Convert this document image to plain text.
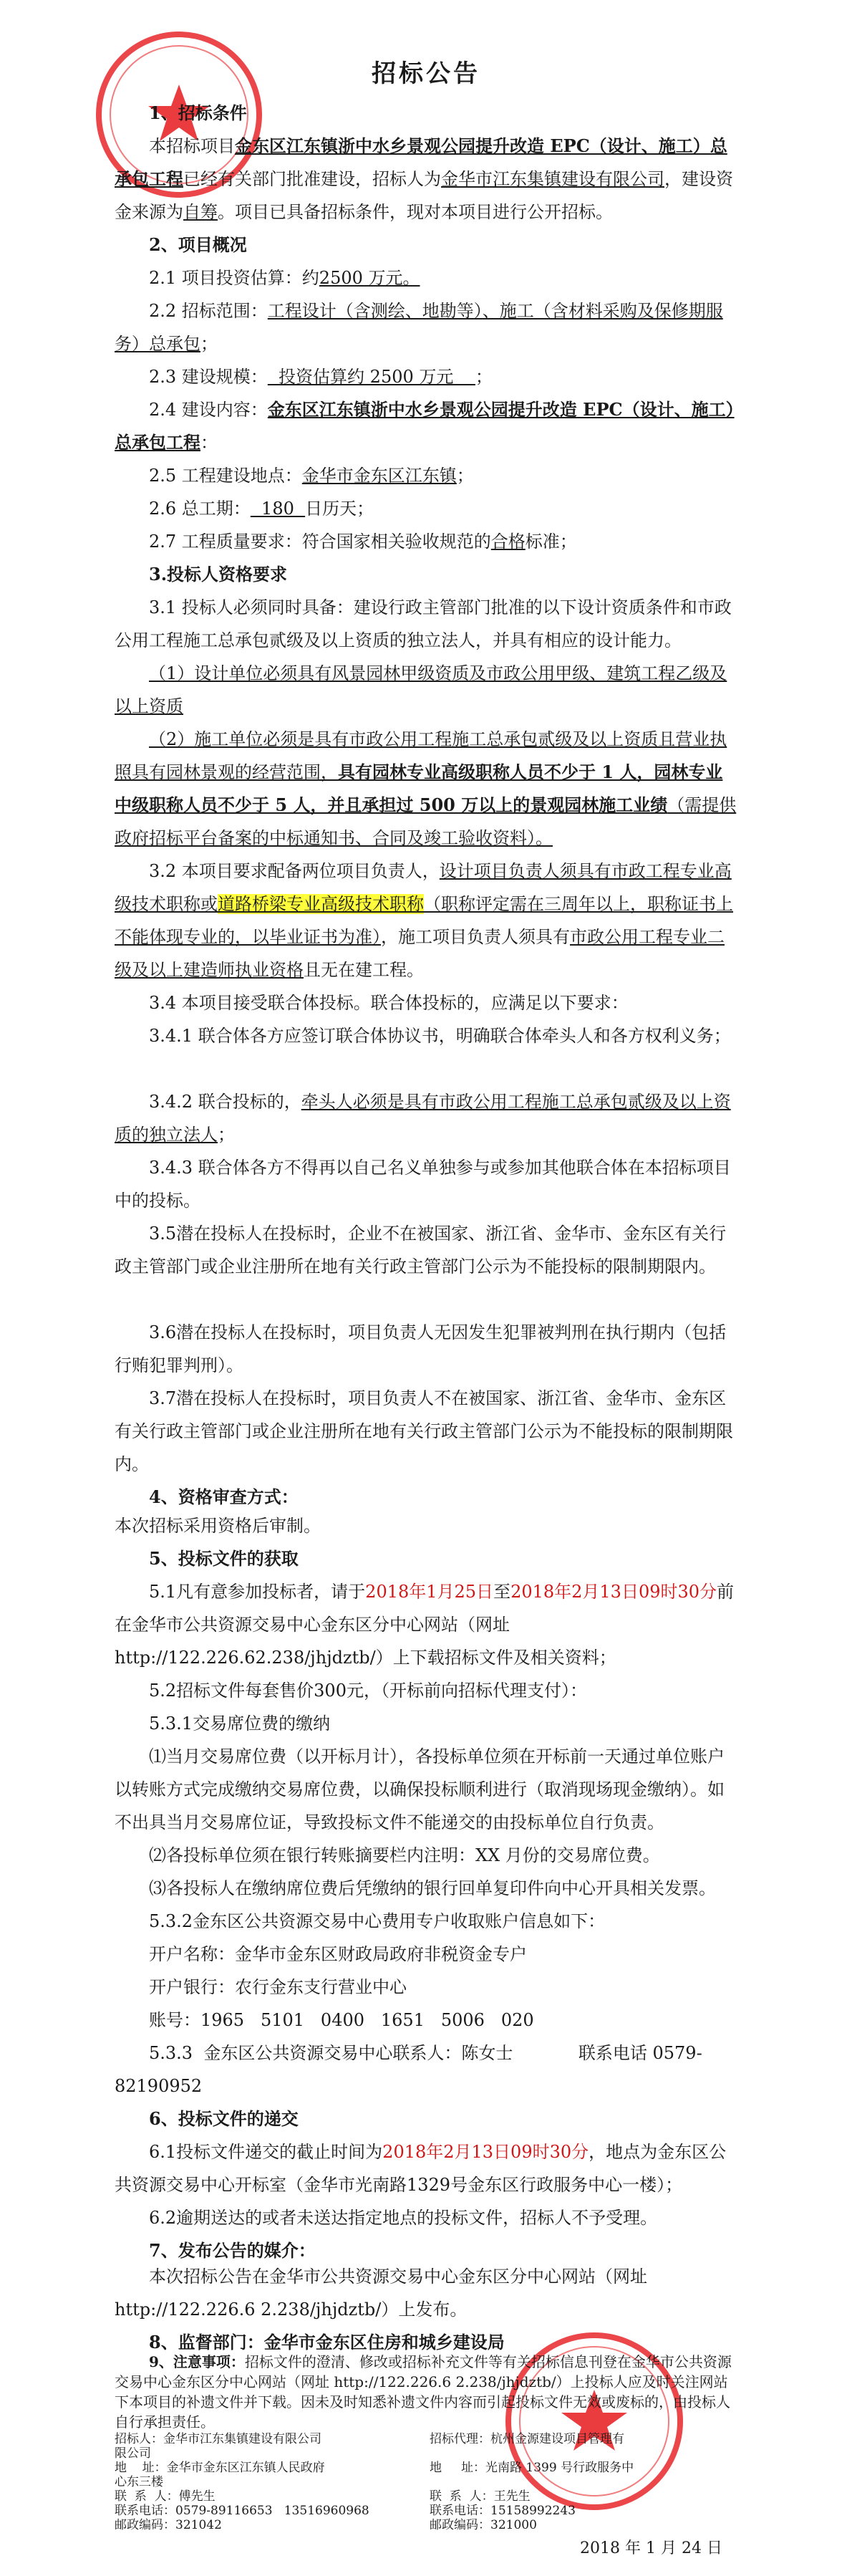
招标公告

1、招标条件

本招标项目金东区江东镇浙中水乡景观公园提升改造 EPC（设计、施工）总承包工程已经有关部门批准建设，招标人为金华市江东集镇建设有限公司，建设资金来源为自筹。项目已具备招标条件，现对本项目进行公开招标。

2、项目概况

2.1 项目投资估算：约2500 万元。

2.2 招标范围：工程设计（含测绘、地勘等）、施工（含材料采购及保修期服务）总承包；

2.3 建设规模：  投资估算约 2500 万元    ；

2.4 建设内容：金东区江东镇浙中水乡景观公园提升改造 EPC（设计、施工）总承包工程：

2.5 工程建设地点：金华市金东区江东镇；

2.6 总工期：  180  日历天；

2.7 工程质量要求：符合国家相关验收规范的合格标准；

3.投标人资格要求

3.1 投标人必须同时具备：建设行政主管部门批准的以下设计资质条件和市政公用工程施工总承包贰级及以上资质的独立法人，并具有相应的设计能力。

（1）设计单位必须具有风景园林甲级资质及市政公用甲级、建筑工程乙级及以上资质

（2）施工单位必须是具有市政公用工程施工总承包贰级及以上资质且营业执照具有园林景观的经营范围，具有园林专业高级职称人员不少于 1 人，园林专业中级职称人员不少于 5 人，并且承担过 500 万以上的景观园林施工业绩（需提供政府招标平台备案的中标通知书、合同及竣工验收资料）。

3.2 本项目要求配备两位项目负责人，设计项目负责人须具有市政工程专业高级技术职称或道路桥梁专业高级技术职称（职称评定需在三周年以上，职称证书上不能体现专业的，以毕业证书为准），施工项目负责人须具有市政公用工程专业二级及以上建造师执业资格且无在建工程。

3.4 本项目接受联合体投标。联合体投标的，应满足以下要求：

3.4.1 联合体各方应签订联合体协议书，明确联合体牵头人和各方权利义务；

3.4.2 联合投标的，牵头人必须是具有市政公用工程施工总承包贰级及以上资质的独立法人；

3.4.3 联合体各方不得再以自己名义单独参与或参加其他联合体在本招标项目中的投标。

3.5潜在投标人在投标时，企业不在被国家、浙江省、金华市、金东区有关行政主管部门或企业注册所在地有关行政主管部门公示为不能投标的限制期限内。

3.6潜在投标人在投标时，项目负责人无因发生犯罪被判刑在执行期内（包括行贿犯罪判刑）。

3.7潜在投标人在投标时，项目负责人不在被国家、浙江省、金华市、金东区有关行政主管部门或企业注册所在地有关行政主管部门公示为不能投标的限制期限内。

4、资格审查方式：

本次招标采用资格后审制。

5、投标文件的获取

5.1凡有意参加投标者，请于2018年1月25日至2018年2月13日09时30分前在金华市公共资源交易中心金东区分中心网站（网址http://122.226.62.238/jhjdztb/）上下载招标文件及相关资料；

5.2招标文件每套售价300元，（开标前向招标代理支付）：

5.3.1交易席位费的缴纳

⑴当月交易席位费（以开标月计），各投标单位须在开标前一天通过单位账户以转账方式完成缴纳交易席位费，以确保投标顺利进行（取消现场现金缴纳）。如不出具当月交易席位证，导致投标文件不能递交的由投标单位自行负责。

⑵各投标单位须在银行转账摘要栏内注明：XX 月份的交易席位费。

⑶各投标人在缴纳席位费后凭缴纳的银行回单复印件向中心开具相关发票。

5.3.2金东区公共资源交易中心费用专户收取账户信息如下：

开户名称：金华市金东区财政局政府非税资金专户

开户银行：农行金东支行营业中心

账号：1965   5101   0400   1651   5006   020

5.3.3  金东区公共资源交易中心联系人：陈女士            联系电话 0579-82190952

6、投标文件的递交

6.1投标文件递交的截止时间为2018年2月13日09时30分，地点为金东区公共资源交易中心开标室（金华市光南路1329号金东区行政服务中心一楼）；

6.2逾期送达的或者未送达指定地点的投标文件，招标人不予受理。

7、发布公告的媒介：

本次招标公告在金华市公共资源交易中心金东区分中心网站（网址http://122.226.6 2.238/jhjdztb/）上发布。

8、监督部门：金华市金东区住房和城乡建设局

9、注意事项：招标文件的澄清、修改或招标补充文件等有关招标信息刊登在金华市公共资源交易中心金东区分中心网站（网址 http://122.226.6 2.238/jhjdztb/）上投标人应及时关注网站下本项目的补遗文件并下载。因未及时知悉补遗文件内容而引起投标文件无效或废标的，由投标人自行承担责任。

招标人：金华市江东集镇建设有限公司
限公司
地    址：金华市金东区江东镇人民政府
心东三楼
联  系  人：傅先生
联系电话：0579-89116653   13516960968
邮政编码：321042
招标代理：杭州金源建设项目管理有
地     址：光南路 1399 号行政服务中
联  系  人：王先生
联系电话：15158992243
邮政编码：321000
2018 年 1 月 24 日
